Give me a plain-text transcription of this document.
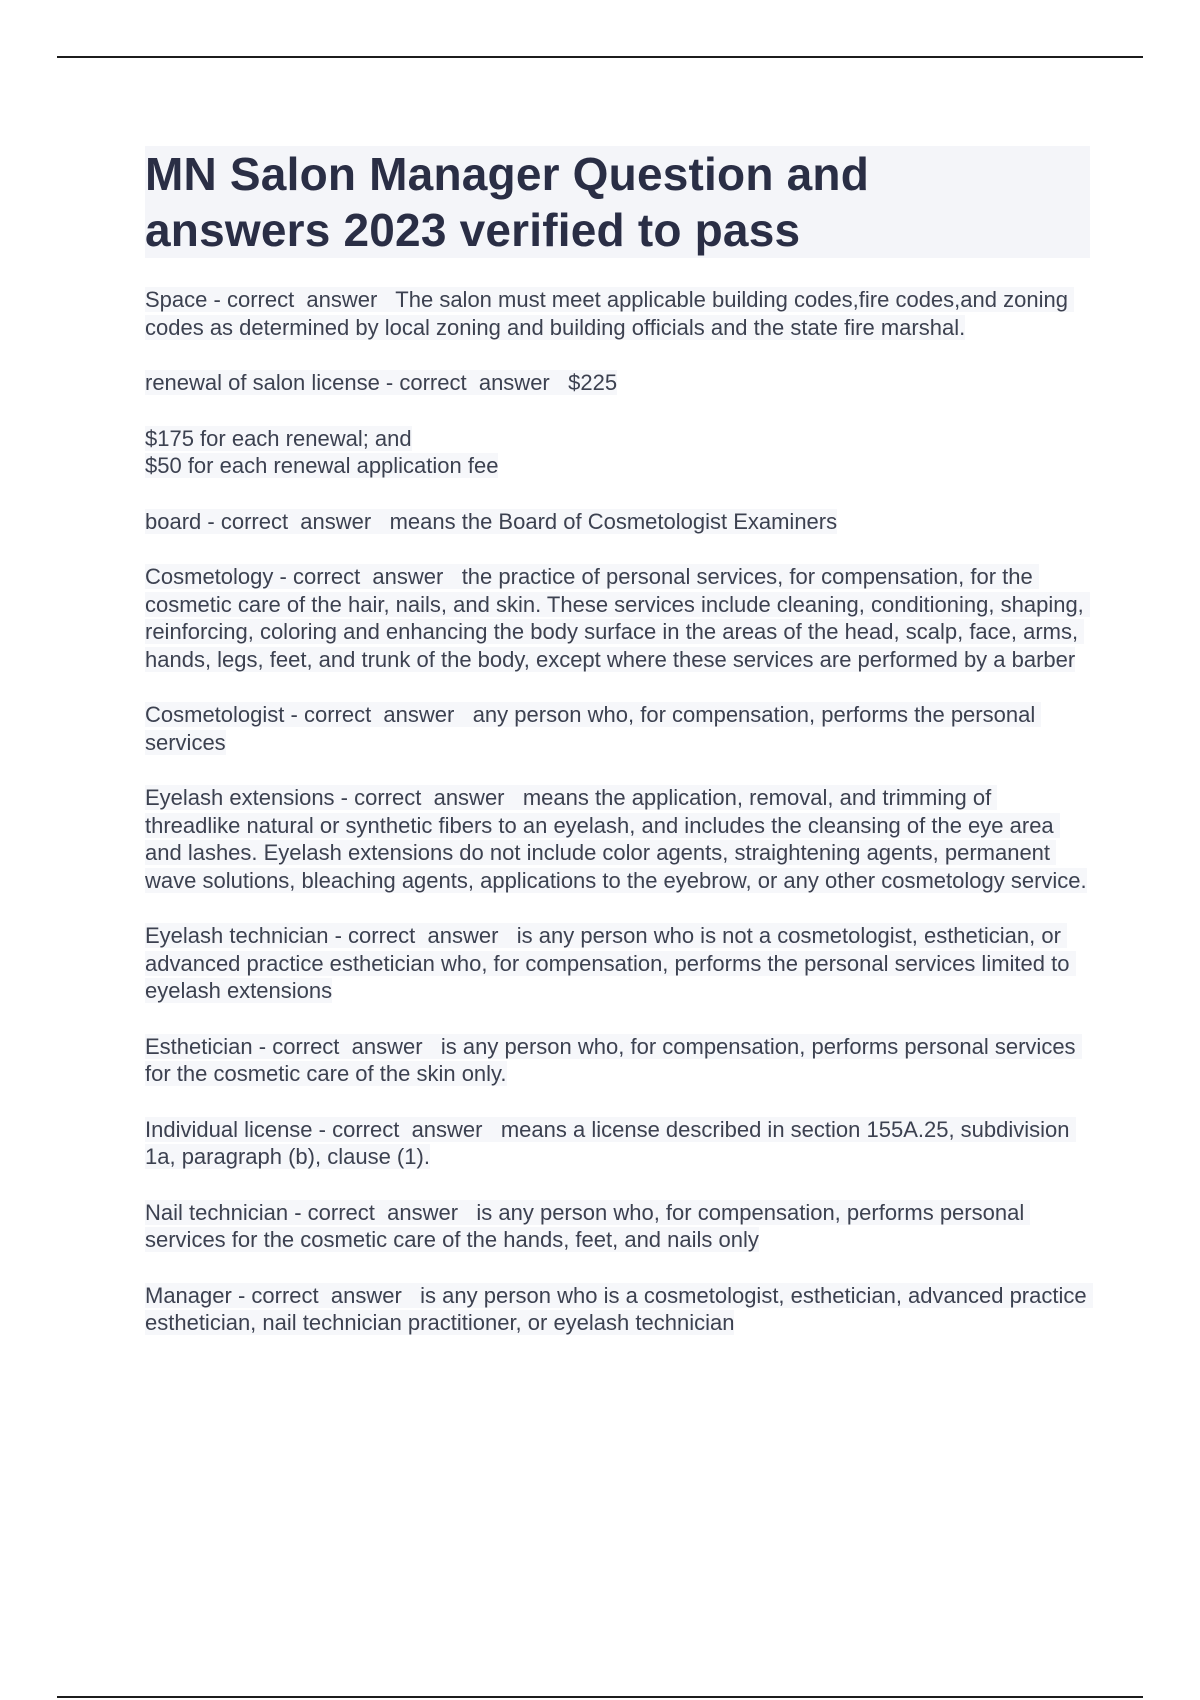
MN Salon Manager Question and
answers 2023 verified to pass

Space - correct  answer The salon must meet applicable building codes,fire codes,and zoning codes as determined by local zoning and building officials and the state fire marshal.

renewal of salon license - correct  answer $225

$175 for each renewal; and
$50 for each renewal application fee

board - correct  answer means the Board of Cosmetologist Examiners

Cosmetology - correct  answer the practice of personal services, for compensation, for the cosmetic care of the hair, nails, and skin. These services include cleaning, conditioning, shaping, reinforcing, coloring and enhancing the body surface in the areas of the head, scalp, face, arms, hands, legs, feet, and trunk of the body, except where these services are performed by a barber

Cosmetologist - correct  answer any person who, for compensation, performs the personal services

Eyelash extensions - correct  answer means the application, removal, and trimming of threadlike natural or synthetic fibers to an eyelash, and includes the cleansing of the eye area and lashes. Eyelash extensions do not include color agents, straightening agents, permanent wave solutions, bleaching agents, applications to the eyebrow, or any other cosmetology service.

Eyelash technician - correct  answer is any person who is not a cosmetologist, esthetician, or advanced practice esthetician who, for compensation, performs the personal services limited to eyelash extensions

Esthetician - correct  answer is any person who, for compensation, performs personal services for the cosmetic care of the skin only.

Individual license - correct  answer means a license described in section 155A.25, subdivision 1a, paragraph (b), clause (1).

Nail technician - correct  answer is any person who, for compensation, performs personal services for the cosmetic care of the hands, feet, and nails only

Manager - correct  answer is any person who is a cosmetologist, esthetician, advanced practice esthetician, nail technician practitioner, or eyelash technician
